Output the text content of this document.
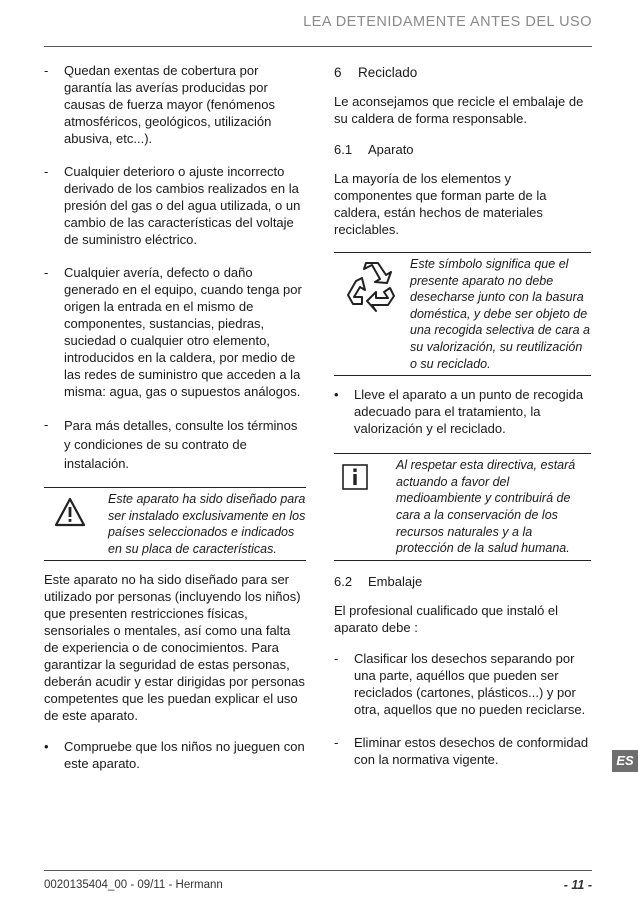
LEA DETENIDAMENTE ANTES DEL USO
- Quedan exentas de cobertura por garantía las averías producidas por causas de fuerza mayor (fenómenos atmosféricos, geológicos, utilización abusiva, etc...).
- Cualquier deterioro o ajuste incorrecto derivado de los cambios realizados en la presión del gas o del agua utilizada, o un cambio de las características del voltaje de suministro eléctrico.
- Cualquier avería, defecto o daño generado en el equipo, cuando tenga por origen la entrada en el mismo de componentes, sustancias, piedras, suciedad o cualquier otro elemento, introducidos en la caldera, por medio de las redes de suministro que acceden a la misma: agua, gas o supuestos análogos.
- Para más detalles, consulte los términos y condiciones de su contrato de instalación.
Este aparato ha sido diseñado para ser instalado exclusivamente en los países seleccionados e indicados en su placa de características.

Este aparato no ha sido diseñado para ser utilizado por personas (incluyendo los niños) que presenten restricciones físicas, sensoriales o mentales, así como una falta de experiencia o de conocimientos. Para garantizar la seguridad de estas personas, deberán acudir y estar dirigidas por personas competentes que les puedan explicar el uso de este aparato.

• Compruebe que los niños no jueguen con este aparato.
6 Reciclado

Le aconsejamos que recicle el embalaje de su caldera de forma responsable.

6.1 Aparato

La mayoría de los elementos y componentes que forman parte de la caldera, están hechos de materiales reciclables.

Este símbolo significa que el presente aparato no debe desecharse junto con la basura doméstica, y debe ser objeto de una recogida selectiva de cara a su valorización, su reutilización o su reciclado.
• Lleve el aparato a un punto de recogida adecuado para el tratamiento, la valorización y el reciclado.
Al respetar esta directiva, estará actuando a favor del medioambiente y contribuirá de cara a la conservación de los recursos naturales y a la protección de la salud humana.
6.2 Embalaje

El profesional cualificado que instaló el aparato debe :

- Clasificar los desechos separando por una parte, aquéllos que pueden ser reciclados (cartones, plásticos...) y por otra, aquellos que no pueden reciclarse.
- Eliminar estos desechos de conformidad con la normativa vigente.	ES
0020135404_00 - 09/11 - Hermann	- 11 -
